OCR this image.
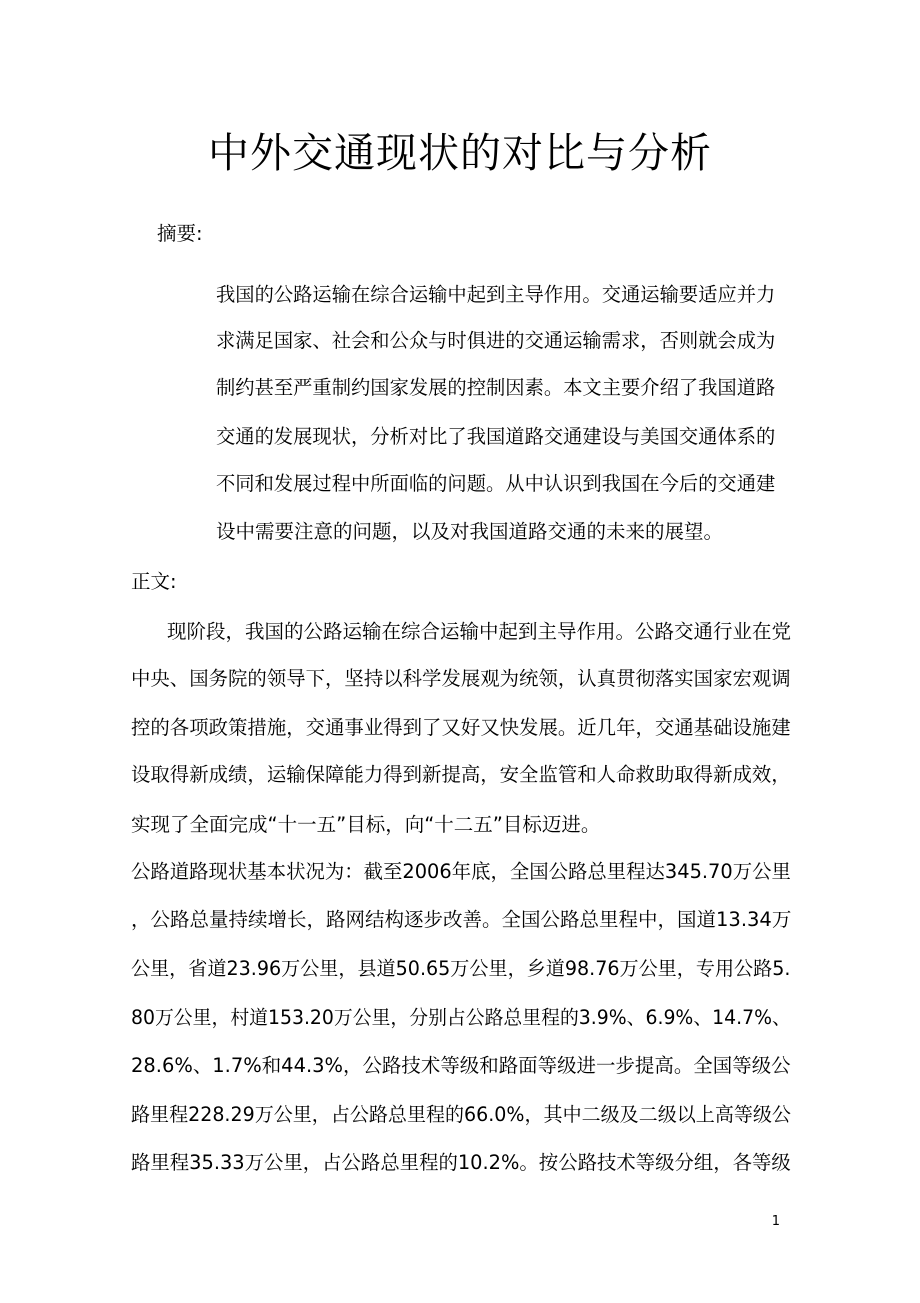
中外交通现状的对比与分析

摘要:

我国的公路运输在综合运输中起到主导作用。交通运输要适应并力

求满足国家、社会和公众与时俱进的交通运输需求，否则就会成为

制约甚至严重制约国家发展的控制因素。本文主要介绍了我国道路

交通的发展现状，分析对比了我国道路交通建设与美国交通体系的

不同和发展过程中所面临的问题。从中认识到我国在今后的交通建

设中需要注意的问题，以及对我国道路交通的未来的展望。

正文:

现阶段，我国的公路运输在综合运输中起到主导作用。公路交通行业在党

中央、国务院的领导下，坚持以科学发展观为统领，认真贯彻落实国家宏观调

控的各项政策措施，交通事业得到了又好又快发展。近几年，交通基础设施建

设取得新成绩，运输保障能力得到新提高，安全监管和人命救助取得新成效，

实现了全面完成“十一五”目标，向“十二五”目标迈进。

公路道路现状基本状况为：截至2006年底，全国公路总里程达345.70万公里

，公路总量持续增长，路网结构逐步改善。全国公路总里程中，国道13.34万

公里，省道23.96万公里，县道50.65万公里，乡道98.76万公里，专用公路5.

80万公里，村道153.20万公里，分别占公路总里程的3.9%、6.9%、14.7%、

28.6%、1.7%和44.3%，公路技术等级和路面等级进一步提高。全国等级公

路里程228.29万公里，占公路总里程的66.0%，其中二级及二级以上高等级公

路里程35.33万公里，占公路总里程的10.2%。按公路技术等级分组，各等级

1
